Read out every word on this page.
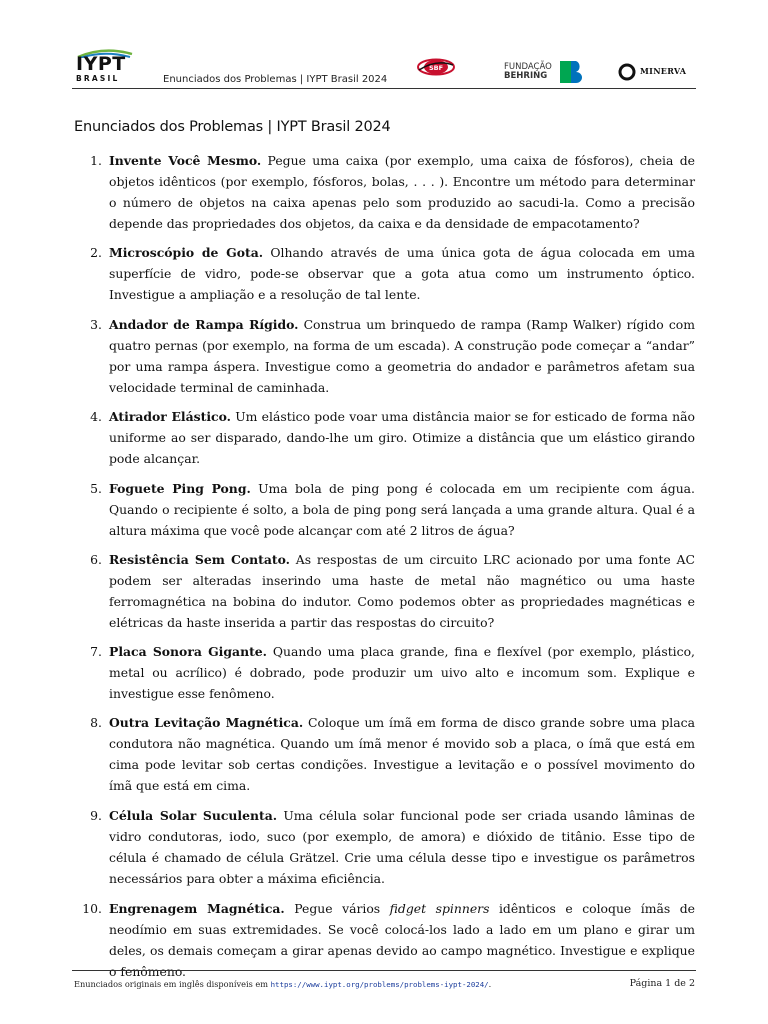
IYPT
BRASIL	Enunciados dos Problemas | IYPT Brasil 2024
SBF	FUNDAÇÃO
BEHRING	MINERVA
Enunciados dos Problemas | IYPT Brasil 2024
1. Invente Você Mesmo. Pegue uma caixa (por exemplo, uma caixa de fósforos), cheia de objetos idênticos (por exemplo, fósforos, bolas, . . . ). Encontre um método para determinar o número de objetos na caixa apenas pelo som produzido ao sacudi-la. Como a precisão depende das propriedades dos objetos, da caixa e da densidade de empacotamento?
2. Microscópio de Gota. Olhando através de uma única gota de água colocada em uma superfície de vidro, pode-se observar que a gota atua como um instrumento óptico. Investigue a ampliação e a resolução de tal lente.
3. Andador de Rampa Rígido. Construa um brinquedo de rampa (Ramp Walker) rígido com quatro pernas (por exemplo, na forma de um escada). A construção pode começar a “andar” por uma rampa áspera. Investigue como a geometria do andador e parâmetros afetam sua velocidade terminal de caminhada.
4. Atirador Elástico. Um elástico pode voar uma distância maior se for esticado de forma não uniforme ao ser disparado, dando-lhe um giro. Otimize a distância que um elástico girando pode alcançar.
5. Foguete Ping Pong. Uma bola de ping pong é colocada em um recipiente com água. Quando o recipiente é solto, a bola de ping pong será lançada a uma grande altura. Qual é a altura máxima que você pode alcançar com até 2 litros de água?
6. Resistência Sem Contato. As respostas de um circuito LRC acionado por uma fonte AC podem ser alteradas inserindo uma haste de metal não magnético ou uma haste ferromagnética na bobina do indutor. Como podemos obter as propriedades magnéticas e elétricas da haste inserida a partir das respostas do circuito?
7. Placa Sonora Gigante. Quando uma placa grande, fina e flexível (por exemplo, plástico, metal ou acrílico) é dobrado, pode produzir um uivo alto e incomum som. Explique e investigue esse fenômeno.
8. Outra Levitação Magnética. Coloque um ímã em forma de disco grande sobre uma placa condutora não magnética. Quando um ímã menor é movido sob a placa, o ímã que está em cima pode levitar sob certas condições. Investigue a levitação e o possível movimento do ímã que está em cima.
9. Célula Solar Suculenta. Uma célula solar funcional pode ser criada usando lâminas de vidro condutoras, iodo, suco (por exemplo, de amora) e dióxido de titânio. Esse tipo de célula é chamado de célula Grätzel. Crie uma célula desse tipo e investigue os parâmetros necessários para obter a máxima eficiência.
10. Engrenagem Magnética. Pegue vários fidget spinners idênticos e coloque ímãs de neodímio em suas extremidades. Se você colocá-los lado a lado em um plano e girar um deles, os demais começam a girar apenas devido ao campo magnético. Investigue e explique o fenômeno.
Enunciados originais em inglês disponíveis em https://www.iypt.org/problems/problems-iypt-2024/.	Página 1 de 2
